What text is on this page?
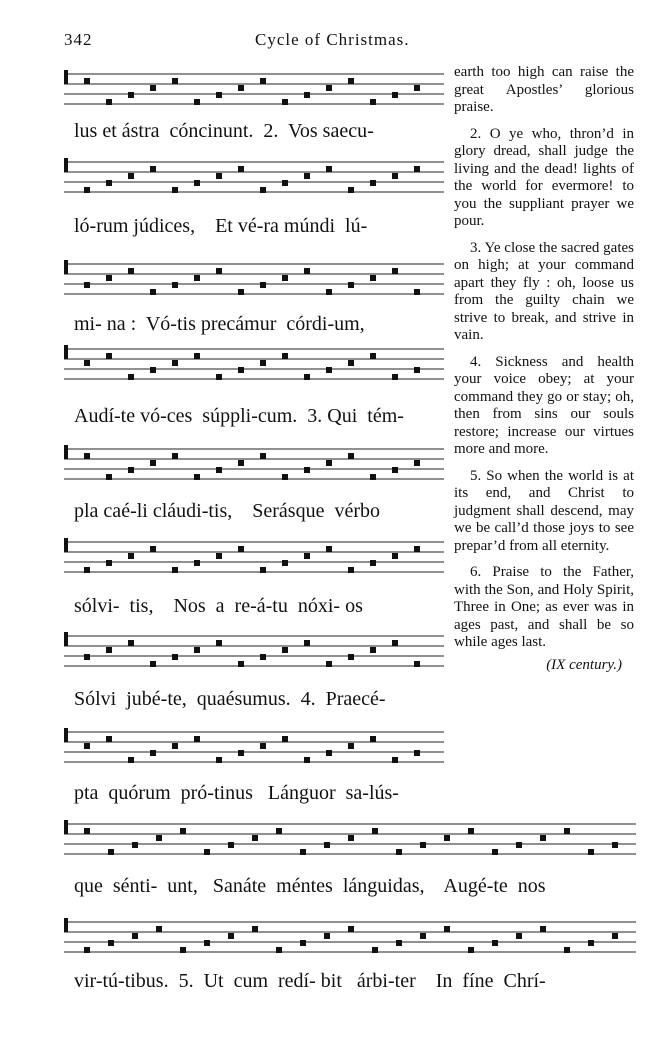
342	Cycle of Christmas.
lus et ástra  cóncinunt.  2.  Vos saecu-
ló-rum júdices,    Et vé-ra múndi  lú-
mi- na :  Vó-tis precámur  córdi-um,
Audí-te vó-ces  súppli-cum.  3. Qui  tém-
pla caé-li cláudi-tis,    Serásque  vérbo
sólvi-  tis,    Nos  a  re-á-tu  nóxi- os
Sólvi  jubé-te,  quaésumus.  4.  Praecé-
pta  quórum  pró-tinus   Lánguor  sa-lús-
que  sénti-  unt,   Sanáte  méntes  lánguidas,    Augé-te  nos
vir-tú-tibus.  5.  Ut  cum  redí- bit   árbi-ter    In  fíne  Chrí-
earth too high can raise the great Apostles’ glorious praise.
2. O ye who, thron’d in glory dread, shall judge the living and the dead! lights of the world for evermore! to you the suppliant prayer we pour.
3. Ye close the sacred gates on high; at your command apart they fly : oh, loose us from the guilty chain we strive to break, and strive in vain.
4. Sickness and health your voice obey; at your command they go or stay; oh, then from sins our souls restore; increase our virtues more and more.
5. So when the world is at its end, and Christ to judgment shall descend, may we be call’d those joys to see prepar’d from all eternity.
6. Praise to the Father, with the Son, and Holy Spirit, Three in One; as ever was in ages past, and shall be so while ages last.
(IX century.)
